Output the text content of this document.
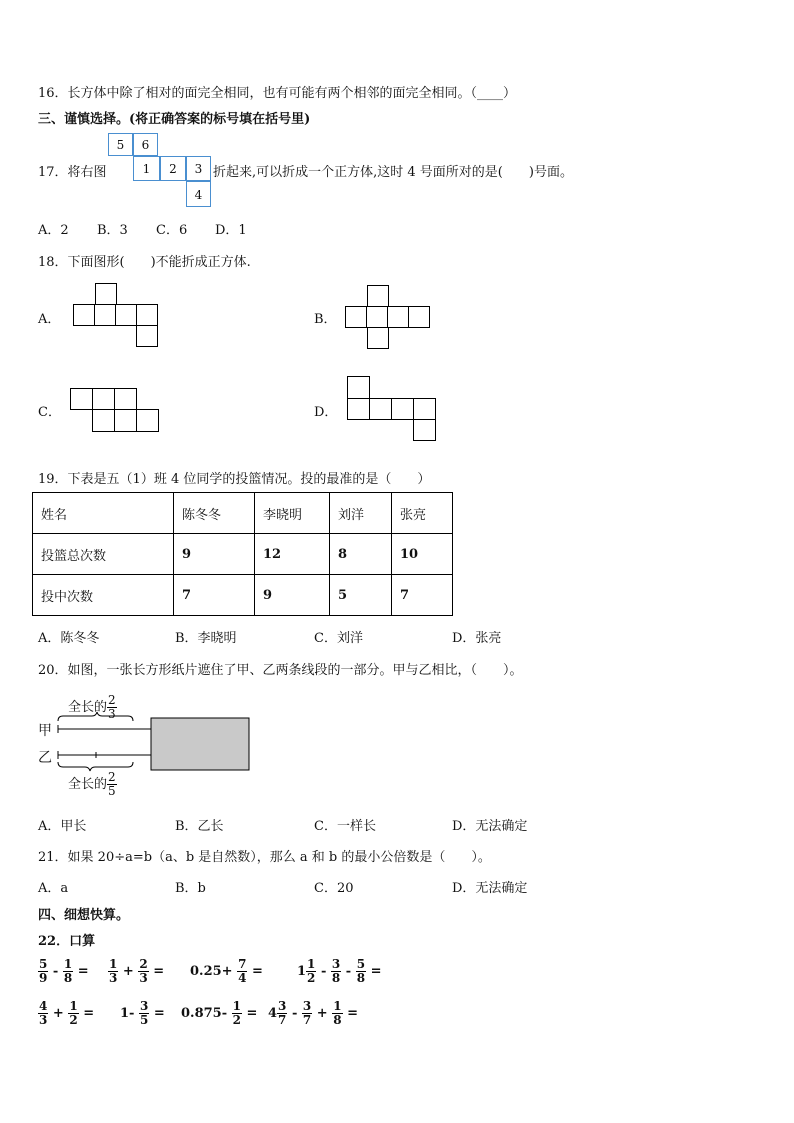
16．长方体中除了相对的面完全相同，也有可能有两个相邻的面完全相同。（____）
三、谨慎选择。(将正确答案的标号填在括号里)
17．将右图
5	6
1	2	3
4
折起来,可以折成一个正方体,这时 4 号面所对的是(　　)号面。
A．2 B．3 C．6 D．1
18．下面图形(　　)不能折成正方体.
A．	B．
C．	D．
19．下表是五（1）班 4 位同学的投篮情况。投的最准的是（　　）
姓名	陈冬冬	李晓明	刘洋	张亮
投篮总次数	9	12	8	10
投中次数	7	9	5	7
A．陈冬冬	B．李晓明	C．刘洋	D．张亮
20．如图，一张长方形纸片遮住了甲、乙两条线段的一部分。甲与乙相比，（　　）。
全长的 $\frac{2}{3}$
甲
乙
全长的 $\frac{2}{5}$
A．甲长	B．乙长	C．一样长	D．无法确定
21．如果 20÷a=b（a、b 是自然数），那么 a 和 b 的最小公倍数是（　　）。
A．a	B．b	C．20	D．无法确定
四、细想快算。
22．口算
$\frac{5}{9} - \frac{1}{8} = \frac{1}{3} + \frac{2}{3} = 0.25+ \frac{7}{4}$ =	$1 \frac{1}{2} - \frac{3}{8} - \frac{5}{8}$ =
$\frac{4}{3} + \frac{1}{2} = 1- \frac{3}{5} = 0.875- \frac{1}{2} = 4 \frac{3}{7} - \frac{3}{7} + \frac{1}{8}$ =
